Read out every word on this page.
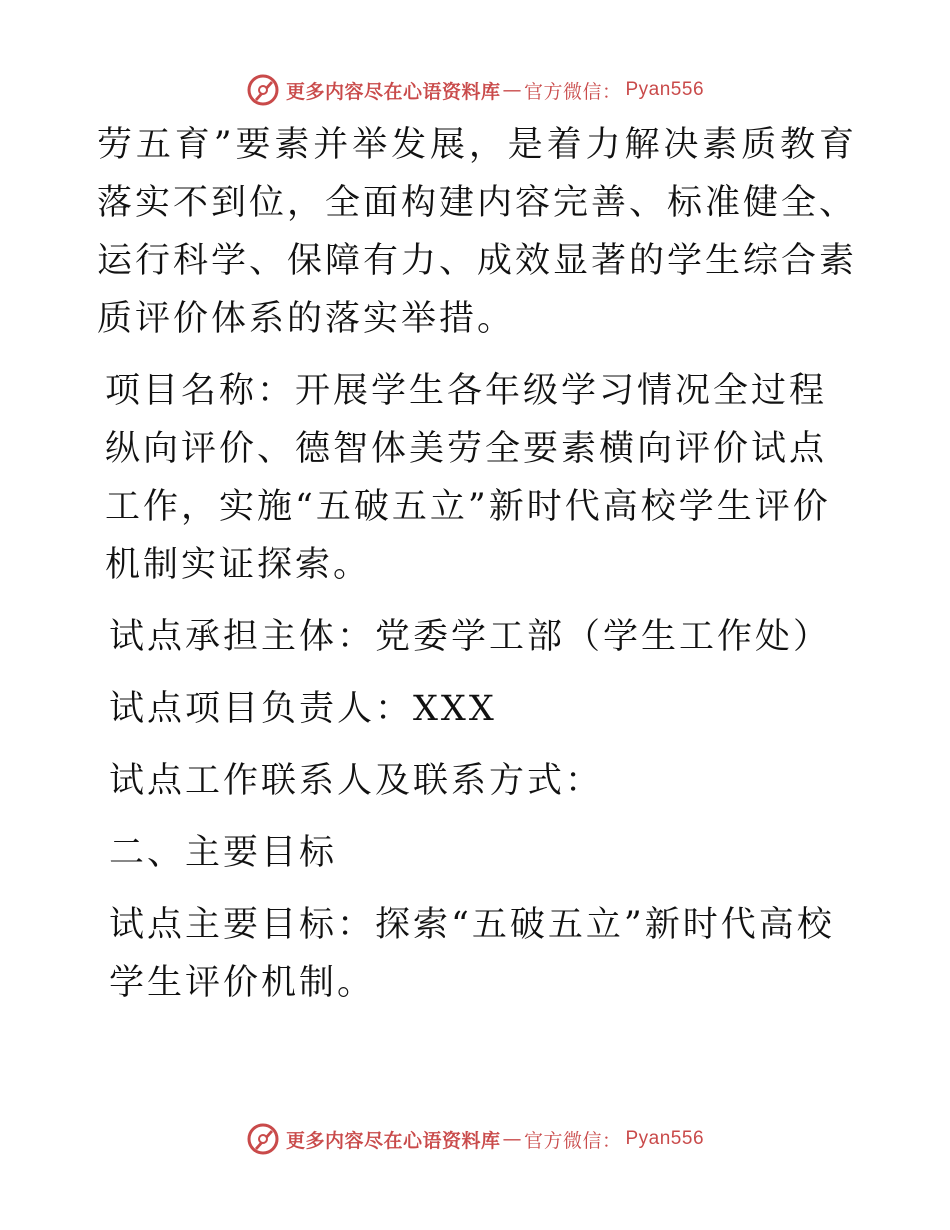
更多内容尽在心语资料库 — 官方微信： Pyan556

劳五育”要素并举发展，是着力解决素质教育落实不到位，全面构建内容完善、标准健全、运行科学、保障有力、成效显著的学生综合素质评价体系的落实举措。

项目名称：开展学生各年级学习情况全过程纵向评价、德智体美劳全要素横向评价试点工作，实施“五破五立”新时代高校学生评价机制实证探索。

试点承担主体：党委学工部（学生工作处）

试点项目负责人：XXX

试点工作联系人及联系方式：

二、主要目标

试点主要目标：探索“五破五立”新时代高校学生评价机制。

更多内容尽在心语资料库 — 官方微信： Pyan556
